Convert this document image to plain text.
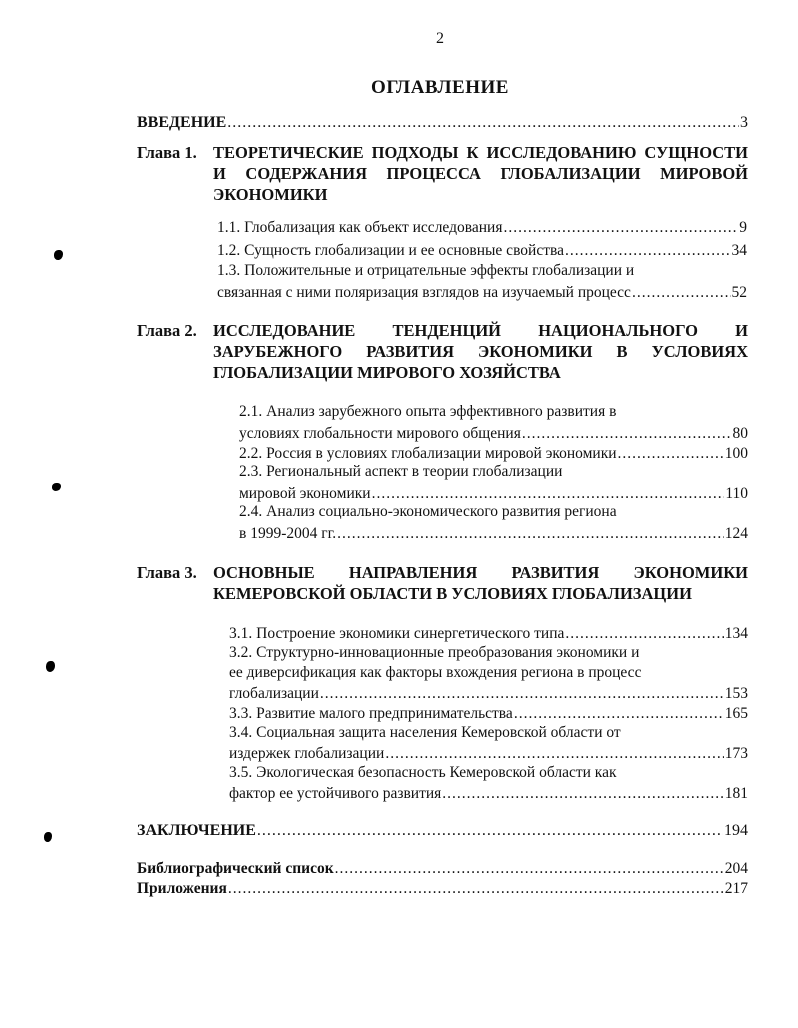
2
ОГЛАВЛЕНИЕ
ВВЕДЕНИЕ .....	3
Глава 1. ТЕОРЕТИЧЕСКИЕ ПОДХОДЫ К ИССЛЕДОВАНИЮ СУЩНОСТИ И СОДЕРЖАНИЯ ПРОЦЕССА ГЛОБАЛИЗАЦИИ МИРОВОЙ ЭКОНОМИКИ
1.1. Глобализация как объект исследования .....	9
1.2. Сущность глобализации и ее основные свойства .....	34
1.3. Положительные и отрицательные эффекты глобализации и
связанная с ними поляризация взглядов на изучаемый процесс .....	52
Глава 2. ИССЛЕДОВАНИЕ ТЕНДЕНЦИЙ НАЦИОНАЛЬНОГО И ЗАРУБЕЖНОГО РАЗВИТИЯ ЭКОНОМИКИ В УСЛОВИЯХ ГЛОБАЛИЗАЦИИ МИРОВОГО ХОЗЯЙСТВА
2.1. Анализ зарубежного опыта эффективного развития в
условиях глобальности мирового общения .....	80
2.2. Россия в условиях глобализации мировой экономики .....	100
2.3. Региональный аспект в теории глобализации
мировой экономики .....	110
2.4. Анализ социально-экономического развития региона
в 1999-2004 гг. .....	124
Глава 3. ОСНОВНЫЕ НАПРАВЛЕНИЯ РАЗВИТИЯ ЭКОНОМИКИ КЕМЕРОВСКОЙ ОБЛАСТИ В УСЛОВИЯХ ГЛОБАЛИЗАЦИИ
3.1. Построение экономики синергетического типа .....	134
3.2. Структурно-инновационные преобразования экономики и
ее диверсификация как факторы вхождения региона в процесс
глобализации .....	153
3.3. Развитие малого предпринимательства .....	165
3.4. Социальная защита населения Кемеровской области от
издержек глобализации .....	173
3.5. Экологическая безопасность Кемеровской области как
фактор ее устойчивого развития .....	181
ЗАКЛЮЧЕНИЕ .....	194
Библиографический список .....	204
Приложения .....	217
